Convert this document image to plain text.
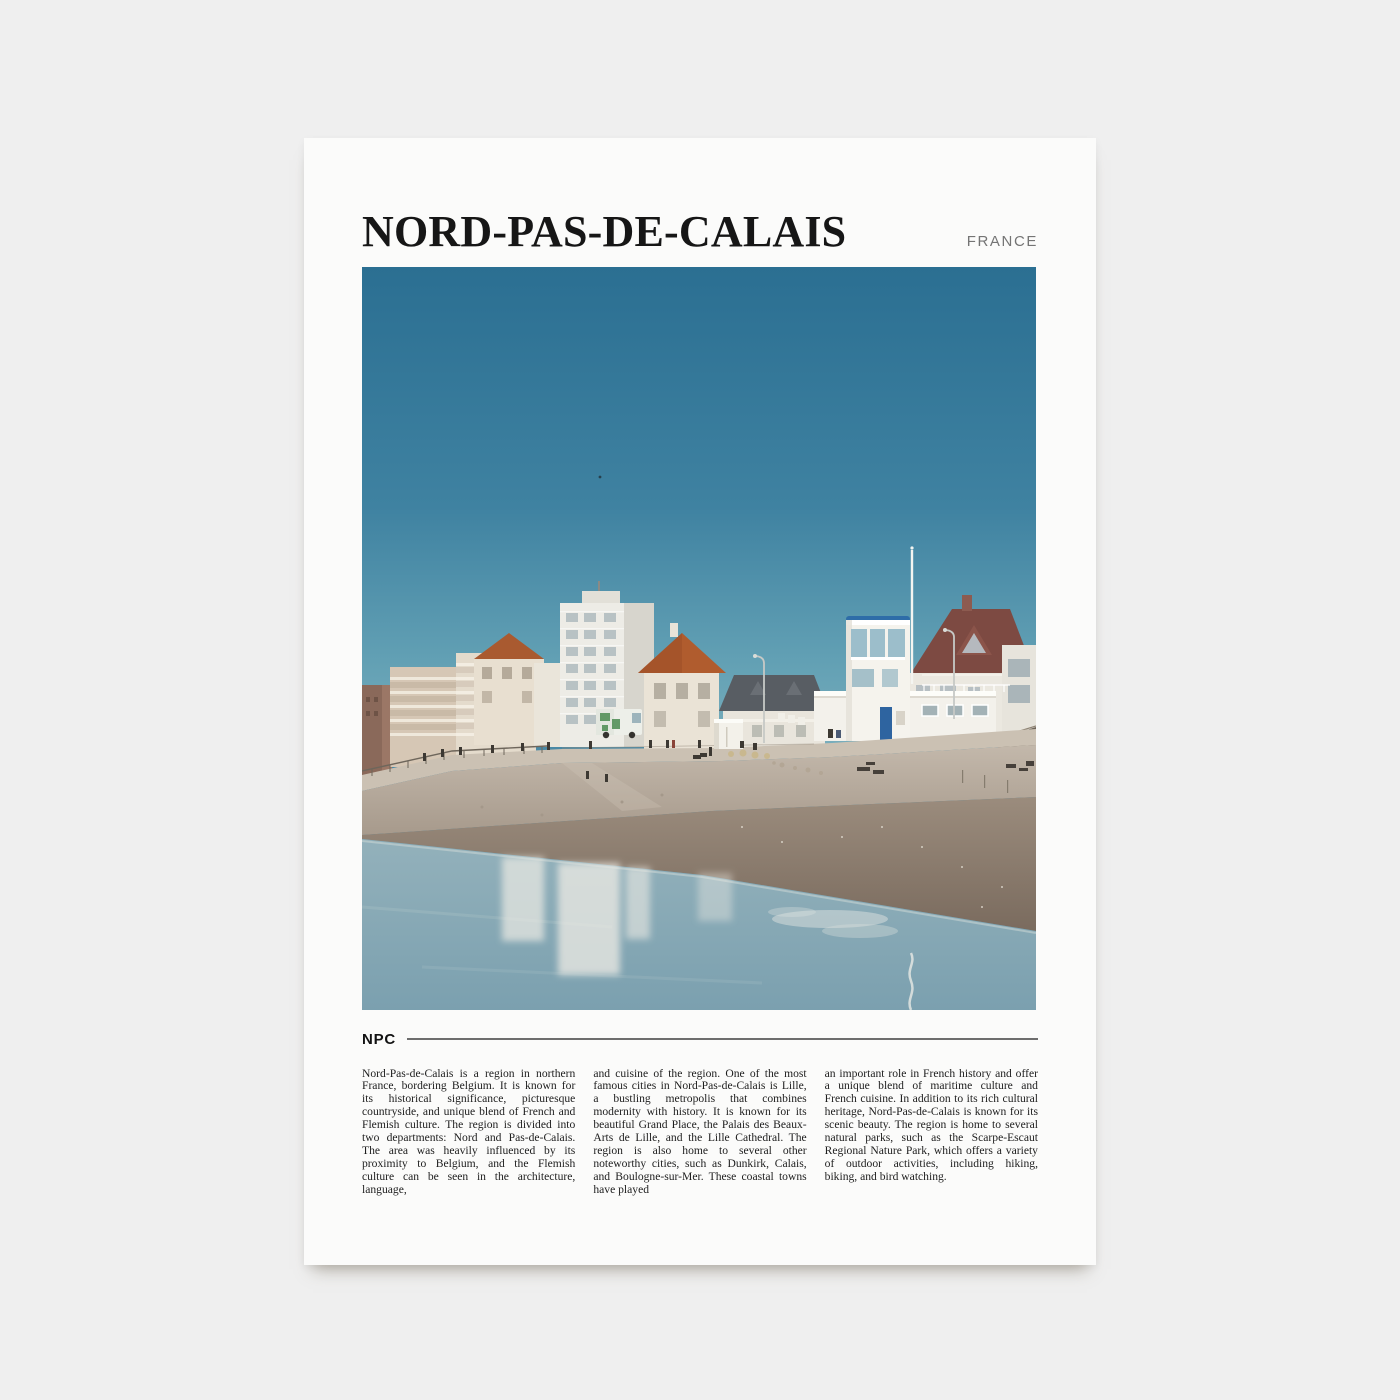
NORD-PAS-DE-CALAIS	FRANCE
NPC

Nord-Pas-de-Calais is a region in northern France, bordering Belgium. It is known for its historical significance, picturesque countryside, and unique blend of French and Flemish culture. The region is divided into two departments: Nord and Pas-de-Calais. The area was heavily influenced by its proximity to Belgium, and the Flemish culture can be seen in the architecture, language,

and cuisine of the region. One of the most famous cities in Nord-Pas-de-Calais is Lille, a bustling metropolis that combines modernity with history. It is known for its beautiful Grand Place, the Palais des Beaux-Arts de Lille, and the Lille Cathedral. The region is also home to several other noteworthy cities, such as Dunkirk, Calais, and Boulogne-sur-Mer. These coastal towns have played

an important role in French history and offer a unique blend of maritime culture and French cuisine. In addition to its rich cultural heritage, Nord-Pas-de-Calais is known for its scenic beauty. The region is home to several natural parks, such as the Scarpe-Escaut Regional Nature Park, which offers a variety of outdoor activities, including hiking, biking, and bird watching.
